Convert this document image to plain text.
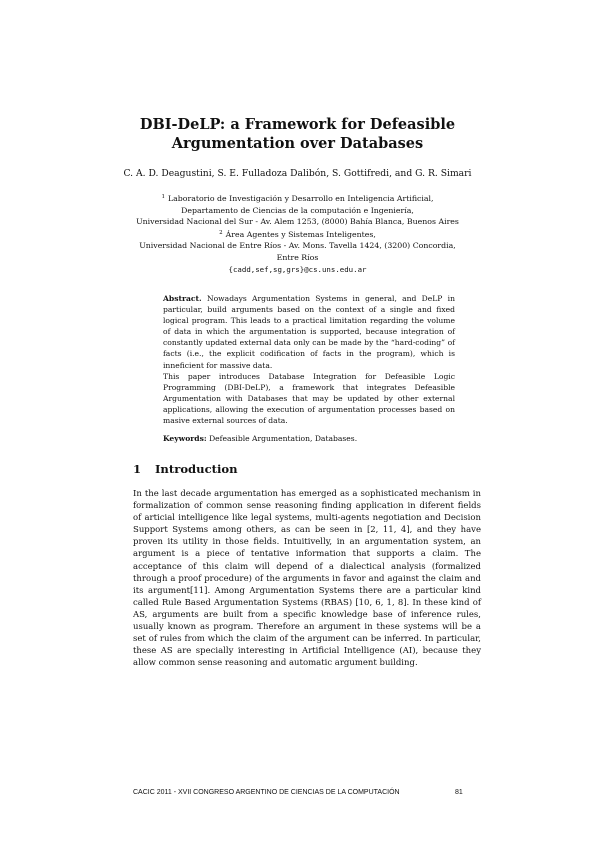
DBI-DeLP: a Framework for Defeasible
Argumentation over Databases
C. A. D. Deagustini, S. E. Fulladoza Dalibón, S. Gottifredi, and G. R. Simari
$^1$ Laboratorio de Investigación y Desarrollo en Inteligencia Artificial,
Departamento de Ciencias de la computación e Ingeniería,
Universidad Nacional del Sur - Av. Alem 1253, (8000) Bahía Blanca, Buenos Aires
$^2$ Área Agentes y Sistemas Inteligentes,
Universidad Nacional de Entre Ríos - Av. Mons. Tavella 1424, (3200) Concordia,
Entre Ríos
{cadd,sef,sg,grs}@cs.uns.edu.ar

Abstract. Nowadays Argumentation Systems in general, and DeLP in particular, build arguments based on the context of a single and fixed logical program. This leads to a practical limitation regarding the volume of data in which the argumentation is supported, because integration of constantly updated external data only can be made by the “hard-coding” of facts (i.e., the explicit codification of facts in the program), which is inneficient for massive data.

This paper introduces Database Integration for Defeasible Logic Programming (DBI-DeLP), a framework that integrates Defeasible Argumentation with Databases that may be updated by other external applications, allowing the execution of argumentation processes based on masive external sources of data.

Keywords: Defeasible Argumentation, Databases.

1 Introduction

In the last decade argumentation has emerged as a sophisticated mechanism in formalization of common sense reasoning finding application in diferent fields of articial intelligence like legal systems, multi-agents negotiation and Decision Support Systems among others, as can be seen in [2, 11, 4], and they have proven its utility in those fields. Intuitivelly, in an argumentation system, an argument is a piece of tentative information that supports a claim. The acceptance of this claim will depend of a dialectical analysis (formalized through a proof procedure) of the arguments in favor and against the claim and its argument[11]. Among Argumentation Systems there are a particular kind called Rule Based Argumentation Systems (RBAS) [10, 6, 1, 8]. In these kind of AS, arguments are built from a specific knowledge base of inference rules, usually known as program. Therefore an argument in these systems will be a set of rules from which the claim of the argument can be inferred. In particular, these AS are specially interesting in Artificial Intelligence (AI), because they allow common sense reasoning and automatic argument building.

CACIC 2011 - XVII CONGRESO ARGENTINO DE CIENCIAS DE LA COMPUTACIÓN	81
